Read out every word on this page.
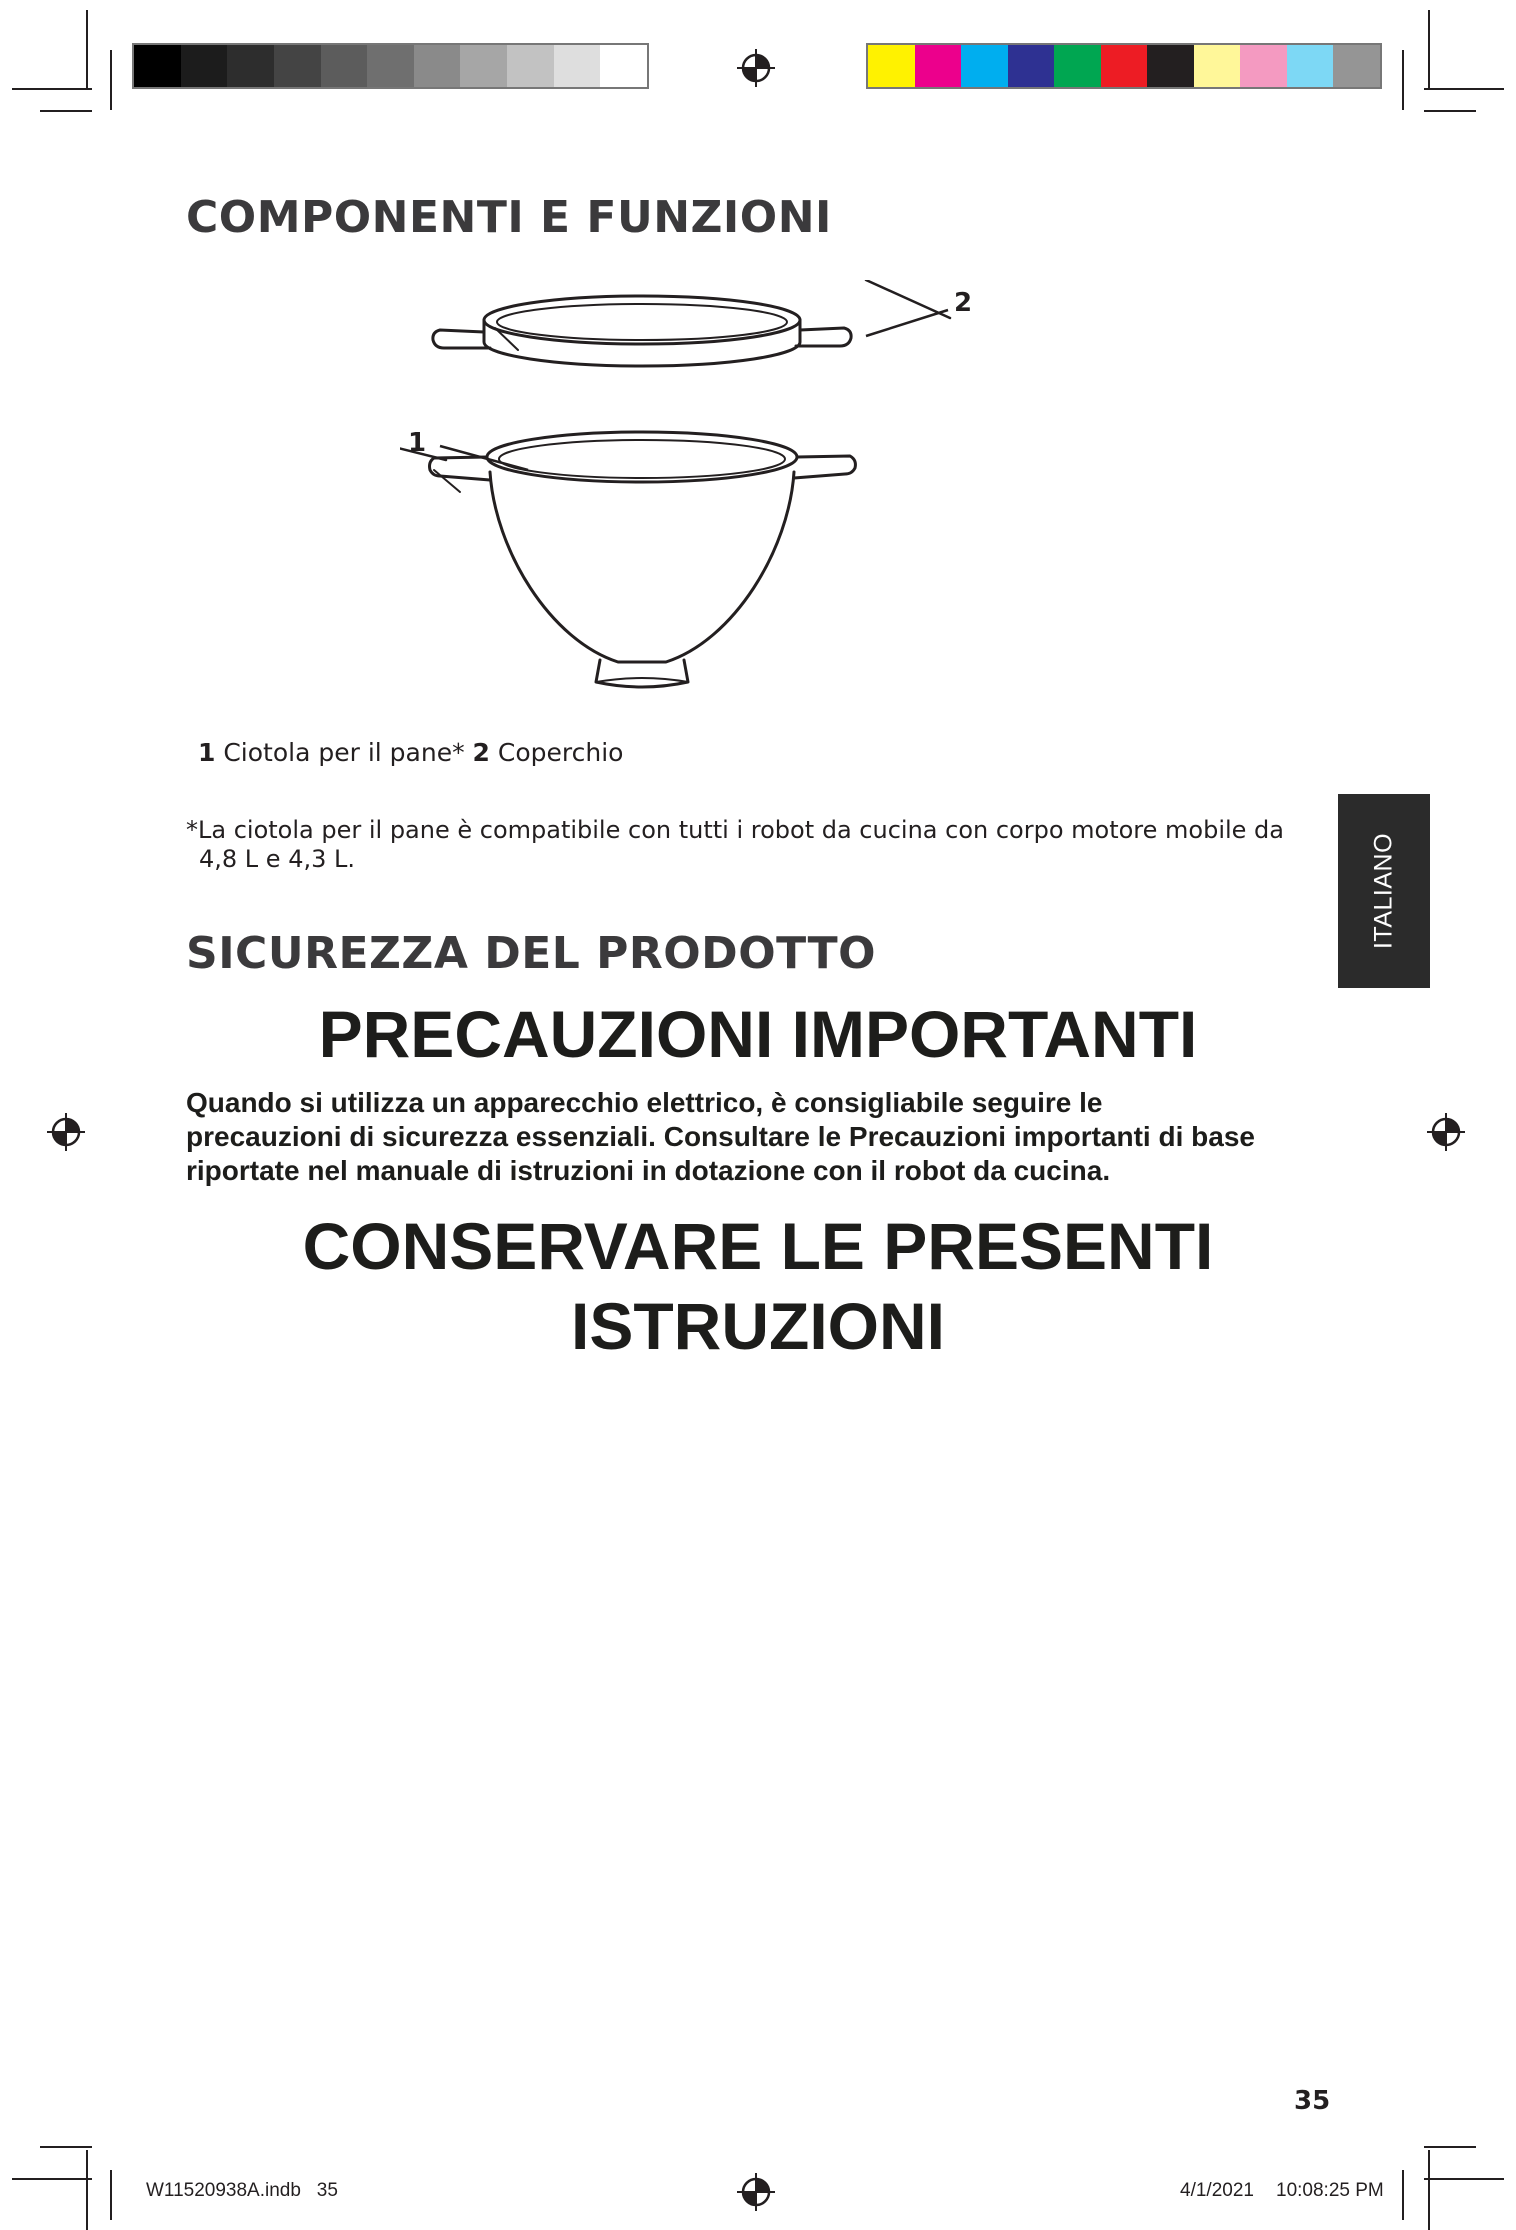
COMPONENTI E FUNZIONI
2
1
1 Ciotola per il pane* 2 Coperchio
*La ciotola per il pane è compatibile con tutti i robot da cucina con corpo motore mobile da
4,8 L e 4,3 L.	ITALIANO
SICUREZZA DEL PRODOTTO
PRECAUZIONI IMPORTANTI
Quando si utilizza un apparecchio elettrico, è consigliabile seguire le
precauzioni di sicurezza essenziali. Consultare le Precauzioni importanti di base
riportate nel manuale di istruzioni in dotazione con il robot da cucina.
CONSERVARE LE PRESENTI
ISTRUZIONI
35
W11520938A.indb   35	4/1/2021 10:08:25 PM
